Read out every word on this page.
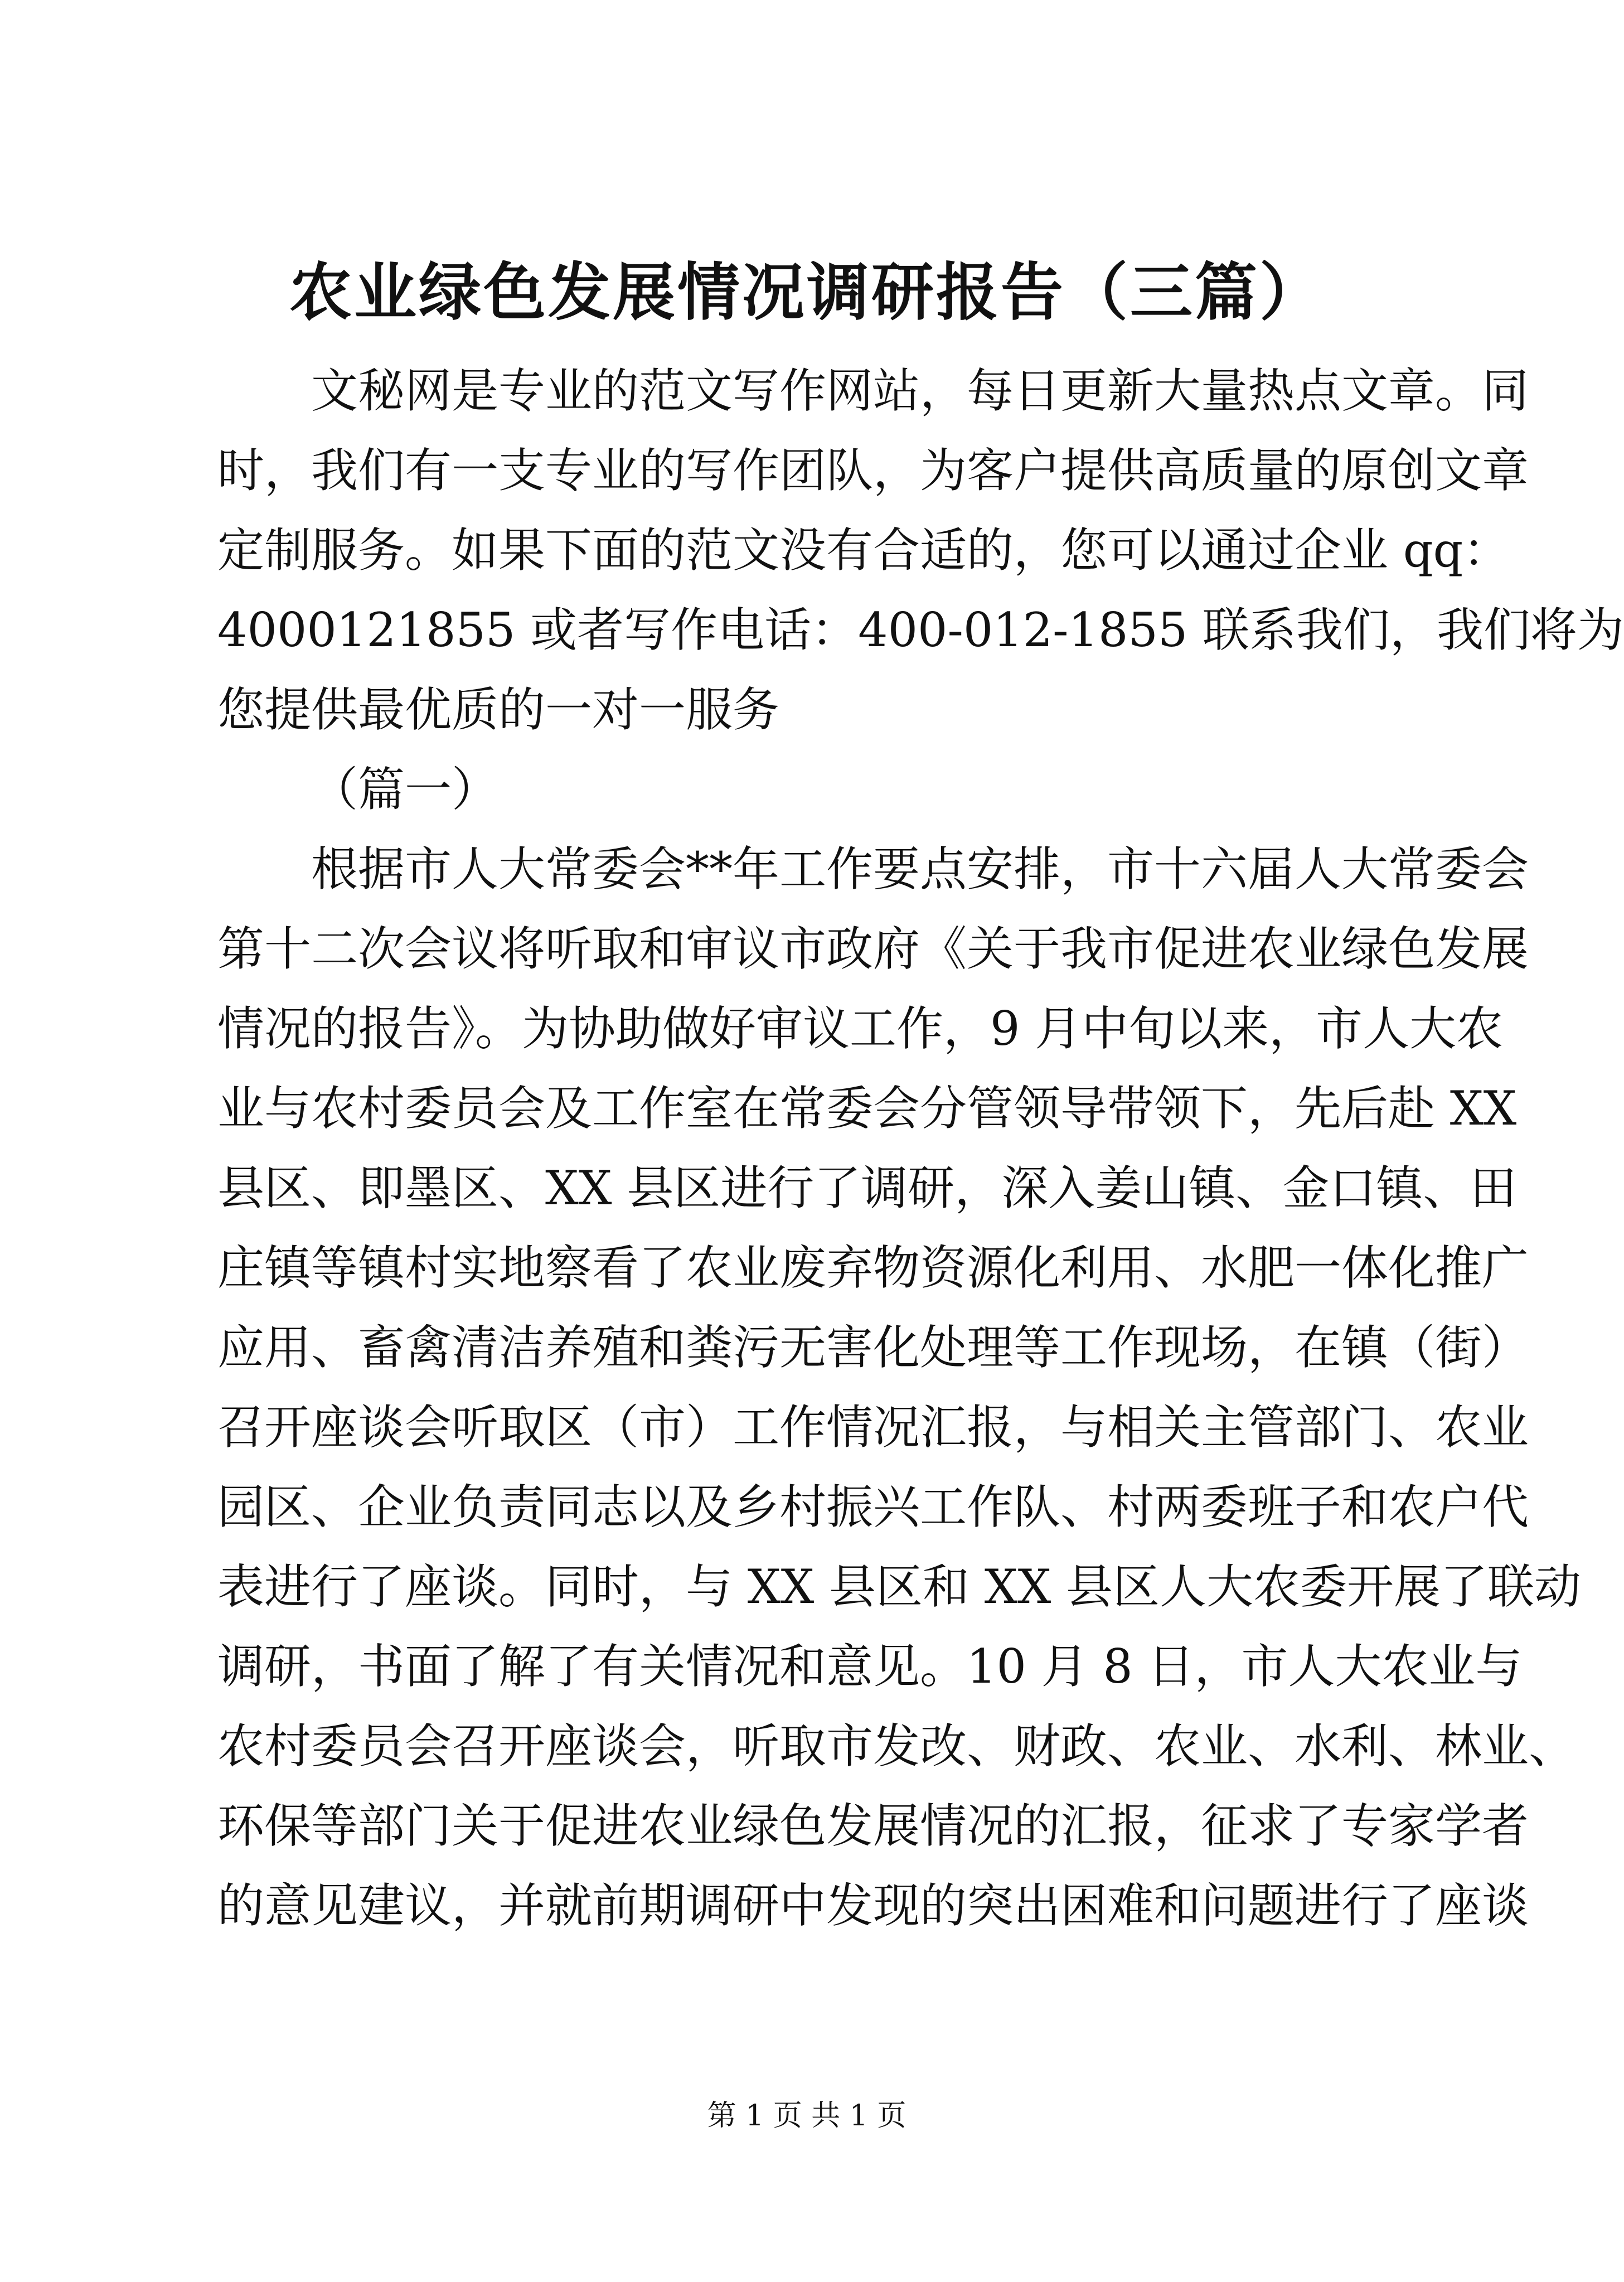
农业绿色发展情况调研报告（三篇）
文秘网是专业的范文写作网站，每日更新大量热点文章。同
时，我们有一支专业的写作团队，为客户提供高质量的原创文章
定制服务。如果下面的范文没有合适的，您可以通过企业 qq：
4000121855 或者写作电话：400-012-1855 联系我们，我们将为
您提供最优质的一对一服务
（篇一）
根据市人大常委会**年工作要点安排，市十六届人大常委会
第十二次会议将听取和审议市政府《关于我市促进农业绿色发展
情况的报告》。为协助做好审议工作，9 月中旬以来，市人大农
业与农村委员会及工作室在常委会分管领导带领下，先后赴 XX
县区、即墨区、XX 县区进行了调研，深入姜山镇、金口镇、田
庄镇等镇村实地察看了农业废弃物资源化利用、水肥一体化推广
应用、畜禽清洁养殖和粪污无害化处理等工作现场，在镇（街）
召开座谈会听取区（市）工作情况汇报，与相关主管部门、农业
园区、企业负责同志以及乡村振兴工作队、村两委班子和农户代
表进行了座谈。同时，与 XX 县区和 XX 县区人大农委开展了联动
调研，书面了解了有关情况和意见。10 月 8 日，市人大农业与
农村委员会召开座谈会，听取市发改、财政、农业、水利、林业、
环保等部门关于促进农业绿色发展情况的汇报，征求了专家学者
的意见建议，并就前期调研中发现的突出困难和问题进行了座谈
第 1 页 共 1 页
